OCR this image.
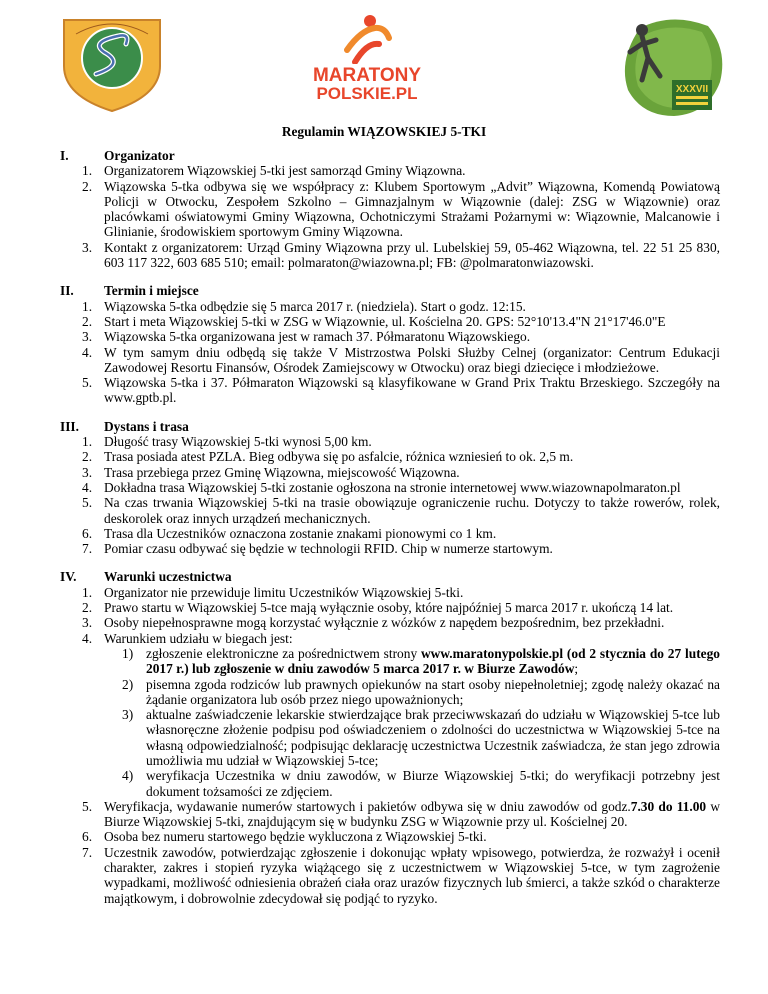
MARATONY
POLSKIE.PL	XXXVII
Regulamin WIĄZOWSKIEJ 5-TKI
I.	Organizator
1. Organizatorem Wiązowskiej 5-tki jest samorząd Gminy Wiązowna.
2. Wiązowska 5-tka odbywa się we współpracy z: Klubem Sportowym „Advit” Wiązowna, Komendą Powiatową Policji w Otwocku, Zespołem Szkolno – Gimnazjalnym w Wiązownie (dalej: ZSG w Wiązownie) oraz placówkami oświatowymi Gminy Wiązowna, Ochotniczymi Strażami Pożarnymi w: Wiązownie, Malcanowie i Glinianie, środowiskiem sportowym Gminy Wiązowna.
3. Kontakt z organizatorem: Urząd Gminy Wiązowna przy ul. Lubelskiej 59, 05-462 Wiązowna, tel. 22 51 25 830, 603 117 322, 603 685 510; email: polmaraton@wiazowna.pl; FB: @polmaratonwiazowski.
II.	Termin i miejsce
1. Wiązowska 5-tka odbędzie się 5 marca 2017 r. (niedziela). Start o godz. 12:15.
2. Start i meta Wiązowskiej 5-tki w ZSG w Wiązownie, ul. Kościelna 20. GPS: 52°10'13.4"N 21°17'46.0"E
3. Wiązowska 5-tka organizowana jest w ramach 37. Półmaratonu Wiązowskiego.
4. W tym samym dniu odbędą się także V Mistrzostwa Polski Służby Celnej (organizator: Centrum Edukacji Zawodowej Resortu Finansów, Ośrodek Zamiejscowy w Otwocku) oraz biegi dziecięce i młodzieżowe.
5. Wiązowska 5-tka i 37. Półmaraton Wiązowski są klasyfikowane w Grand Prix Traktu Brzeskiego. Szczegóły na www.gptb.pl.
III.	Dystans i trasa
1. Długość trasy Wiązowskiej 5-tki wynosi 5,00 km.
2. Trasa posiada atest PZLA. Bieg odbywa się po asfalcie, różnica wzniesień to ok. 2,5 m.
3. Trasa przebiega przez Gminę Wiązowna, miejscowość Wiązowna.
4. Dokładna trasa Wiązowskiej 5-tki zostanie ogłoszona na stronie internetowej www.wiazownapolmaraton.pl
5. Na czas trwania Wiązowskiej 5-tki na trasie obowiązuje ograniczenie ruchu. Dotyczy to także rowerów, rolek, deskorolek oraz innych urządzeń mechanicznych.
6. Trasa dla Uczestników oznaczona zostanie znakami pionowymi co 1 km.
7. Pomiar czasu odbywać się będzie w technologii RFID. Chip w numerze startowym.
IV.	Warunki uczestnictwa
1. Organizator nie przewiduje limitu Uczestników Wiązowskiej 5-tki.
2. Prawo startu w Wiązowskiej 5-tce mają wyłącznie osoby, które najpóźniej 5 marca 2017 r. ukończą 14 lat.
3. Osoby niepełnosprawne mogą korzystać wyłącznie z wózków z napędem bezpośrednim, bez przekładni.
4. Warunkiem udziału w biegach jest:
1) zgłoszenie elektroniczne za pośrednictwem strony www.maratonypolskie.pl (od 2 stycznia do 27 lutego 2017 r.) lub zgłoszenie w dniu zawodów 5 marca 2017 r. w Biurze Zawodów;
2) pisemna zgoda rodziców lub prawnych opiekunów na start osoby niepełnoletniej; zgodę należy okazać na żądanie organizatora lub osób przez niego upoważnionych;
3) aktualne zaświadczenie lekarskie stwierdzające brak przeciwwskazań do udziału w Wiązowskiej 5-tce lub własnoręczne złożenie podpisu pod oświadczeniem o zdolności do uczestnictwa w Wiązowskiej 5-tce na własną odpowiedzialność; podpisując deklarację uczestnictwa Uczestnik zaświadcza, że stan jego zdrowia umożliwia mu udział w Wiązowskiej 5-tce;
4) weryfikacja Uczestnika w dniu zawodów, w Biurze Wiązowskiej 5-tki; do weryfikacji potrzebny jest dokument tożsamości ze zdjęciem.
5. Weryfikacja, wydawanie numerów startowych i pakietów odbywa się w dniu zawodów od godz.7.30 do 11.00 w Biurze Wiązowskiej 5-tki, znajdującym się w budynku ZSG w Wiązownie przy ul. Kościelnej 20.
6. Osoba bez numeru startowego będzie wykluczona z Wiązowskiej 5-tki.
7. Uczestnik zawodów, potwierdzając zgłoszenie i dokonując wpłaty wpisowego, potwierdza, że rozważył i ocenił charakter, zakres i stopień ryzyka wiążącego się z uczestnictwem w Wiązowskiej 5-tce, w tym zagrożenie wypadkami, możliwość odniesienia obrażeń ciała oraz urazów fizycznych lub śmierci, a także szkód o charakterze majątkowym, i dobrowolnie zdecydował się podjąć to ryzyko.
